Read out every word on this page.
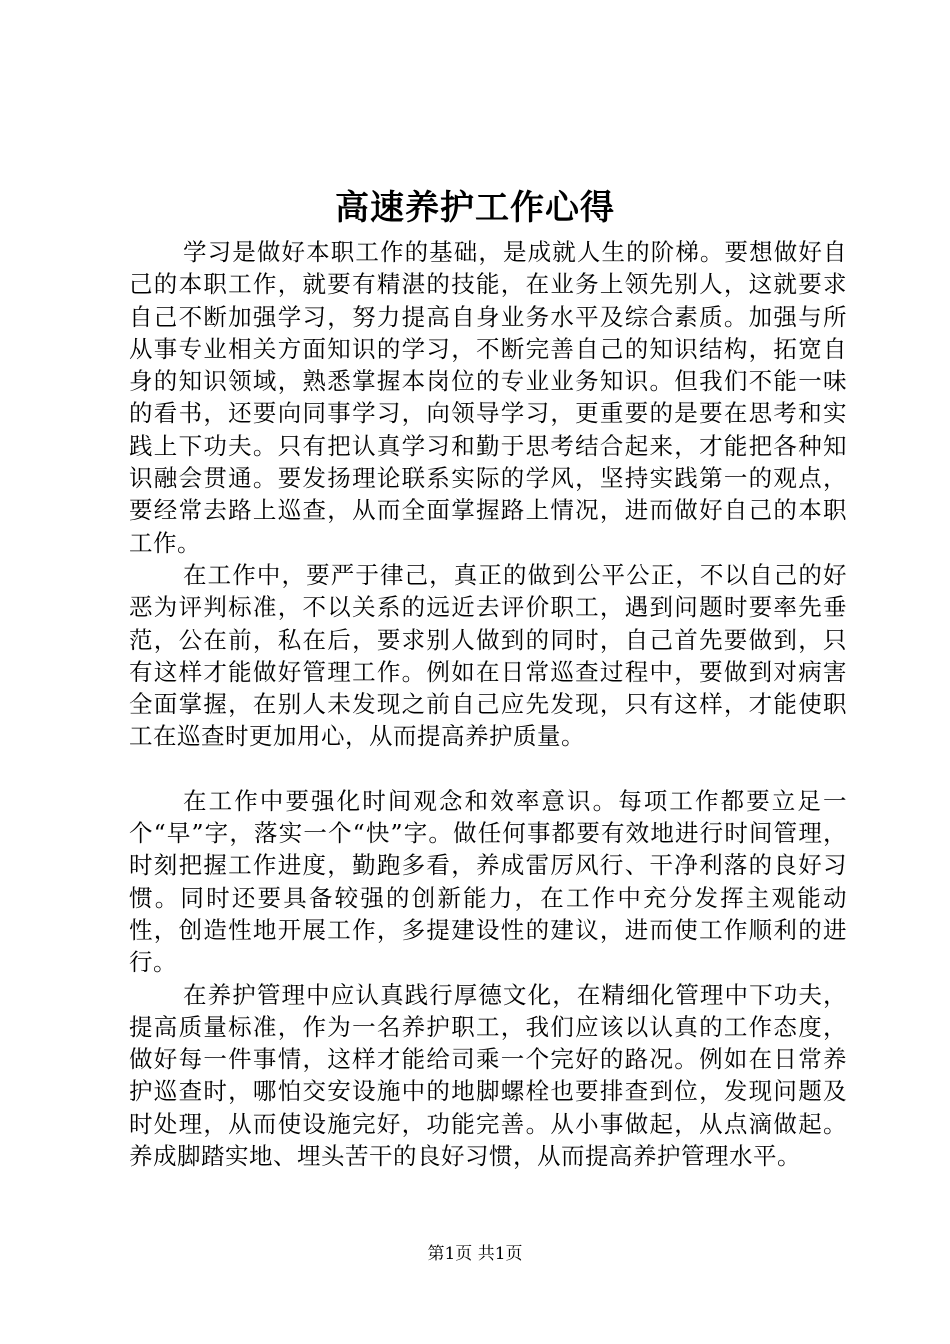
高速养护工作心得

学习是做好本职工作的基础，是成就人生的阶梯。要想做好自己的本职工作，就要有精湛的技能，在业务上领先别人，这就要求自己不断加强学习，努力提高自身业务水平及综合素质。加强与所从事专业相关方面知识的学习，不断完善自己的知识结构，拓宽自身的知识领域，熟悉掌握本岗位的专业业务知识。但我们不能一味的看书，还要向同事学习，向领导学习，更重要的是要在思考和实践上下功夫。只有把认真学习和勤于思考结合起来，才能把各种知识融会贯通。要发扬理论联系实际的学风，坚持实践第一的观点，要经常去路上巡查，从而全面掌握路上情况，进而做好自己的本职工作。

在工作中，要严于律己，真正的做到公平公正，不以自己的好恶为评判标准，不以关系的远近去评价职工，遇到问题时要率先垂范，公在前，私在后，要求别人做到的同时，自己首先要做到，只有这样才能做好管理工作。例如在日常巡查过程中，要做到对病害全面掌握，在别人未发现之前自己应先发现，只有这样，才能使职工在巡查时更加用心，从而提高养护质量。

在工作中要强化时间观念和效率意识。每项工作都要立足一个“早”字，落实一个“快”字。做任何事都要有效地进行时间管理，时刻把握工作进度，勤跑多看，养成雷厉风行、干净利落的良好习惯。同时还要具备较强的创新能力，在工作中充分发挥主观能动性，创造性地开展工作，多提建设性的建议，进而使工作顺利的进行。

在养护管理中应认真践行厚德文化，在精细化管理中下功夫，提高质量标准，作为一名养护职工，我们应该以认真的工作态度，做好每一件事情，这样才能给司乘一个完好的路况。例如在日常养护巡查时，哪怕交安设施中的地脚螺栓也要排查到位，发现问题及时处理，从而使设施完好，功能完善。从小事做起，从点滴做起。养成脚踏实地、埋头苦干的良好习惯，从而提高养护管理水平。

第1页 共1页
